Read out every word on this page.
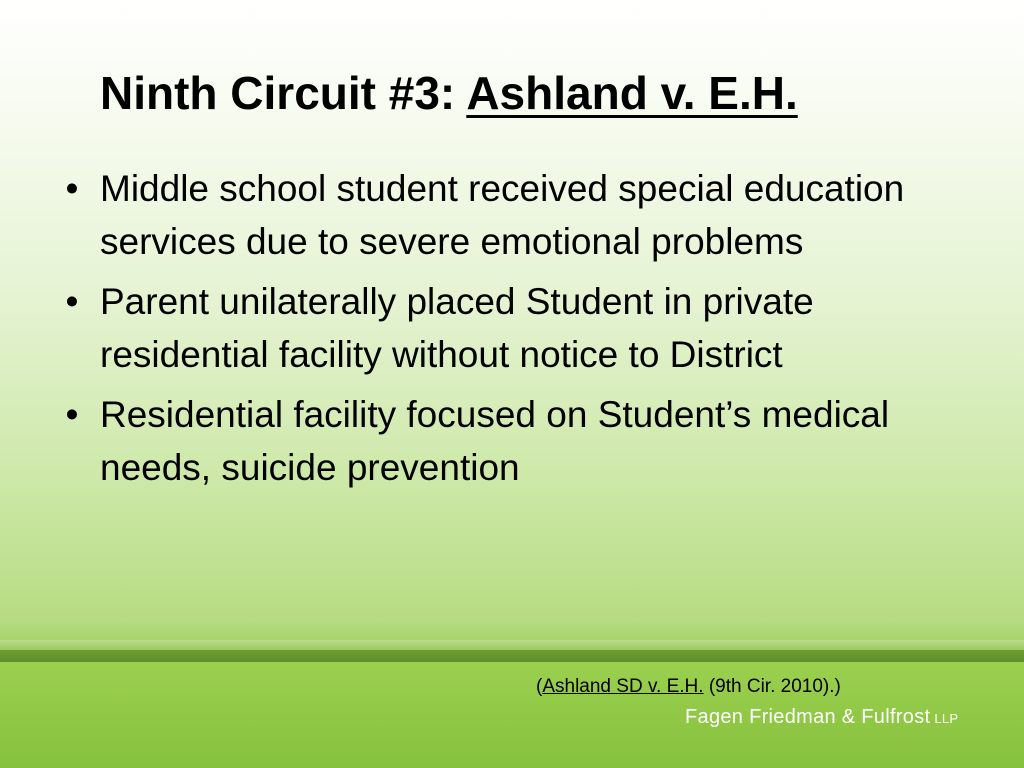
Ninth Circuit #3: Ashland v. E.H.
• Middle school student received special education services due to severe emotional problems
• Parent unilaterally placed Student in private residential facility without notice to District
• Residential facility focused on Student’s medical needs, suicide prevention
(Ashland SD v. E.H. (9th Cir. 2010).)
Fagen Friedman & Fulfrost LLP
